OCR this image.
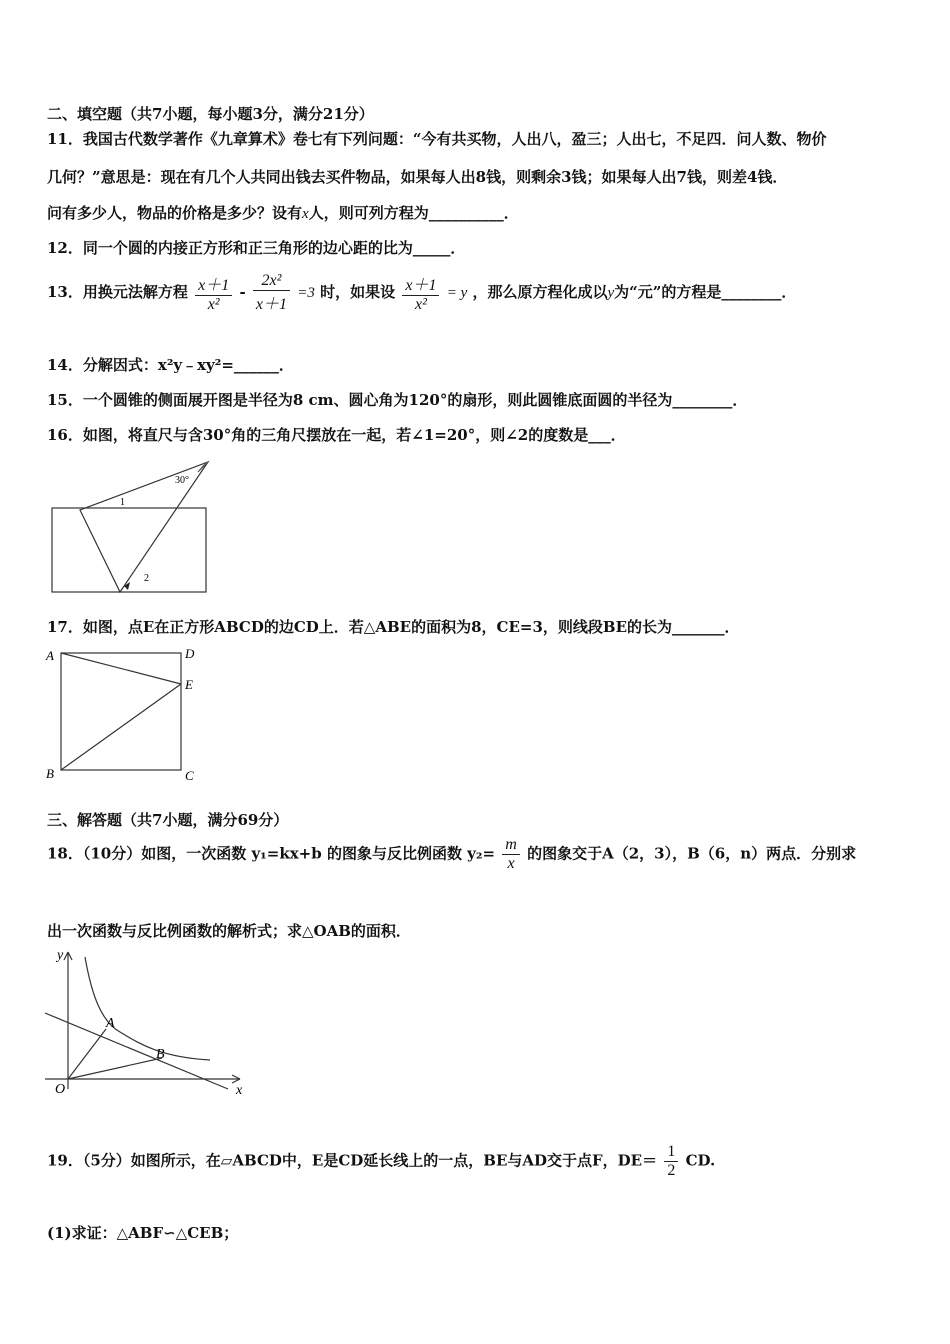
二、填空题（共7小题，每小题3分，满分21分）
11．我国古代数学著作《九章算术》卷七有下列问题：“今有共买物，人出八，盈三；人出七，不足四．问人数、物价
几何？”意思是：现在有几个人共同出钱去买件物品，如果每人出8钱，则剩余3钱；如果每人出7钱，则差4钱．
问有多少人，物品的价格是多少？设有x人，则可列方程为__________．
12．同一个圆的内接正方形和正三角形的边心距的比为_____．
13．用换元法解方程 $\frac{x+1}{\text{x²}} - \frac{\text{2x²}}{x+1} =3$ 时，如果设 $\frac{x+1}{\text{x²}} = y$ ，那么原方程化成以y为“元”的方程是________．
14．分解因式：x²y﹣xy²=______．
15．一个圆锥的侧面展开图是半径为8 cm、圆心角为120°的扇形，则此圆锥底面圆的半径为________．
16．如图，将直尺与含30°角的三角尺摆放在一起，若∠1=20°，则∠2的度数是___．
30°
1
2
17．如图，点E在正方形ABCD的边CD上．若△ABE的面积为8，CE=3，则线段BE的长为_______．
A	D
E
B	C
三、解答题（共7小题，满分69分）
18．（10分）如图，一次函数 y₁=kx+b 的图象与反比例函数 $y_2= \frac{m}{x}$ 的图象交于A（2，3），B（6，n）两点．分别求
出一次函数与反比例函数的解析式；求△OAB的面积．
y
x
O
A
B
19．（5分）如图所示，在▱ABCD中，E是CD延长线上的一点，BE与AD交于点F，$DE= \frac{1}{2}$ CD.
(1)求证：△ABF∽△CEB；
